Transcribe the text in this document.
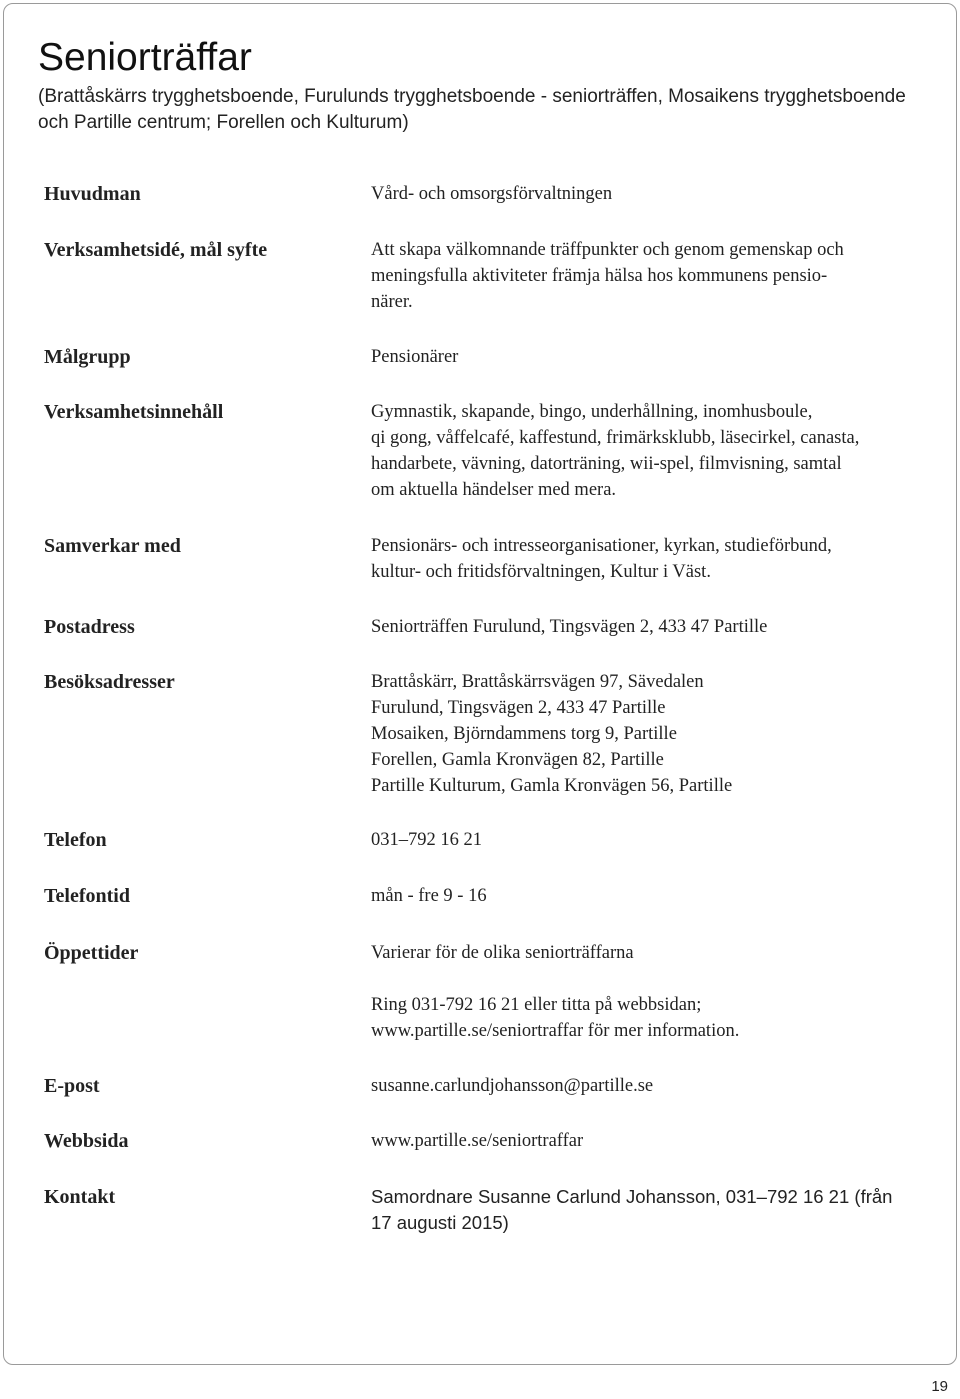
Seniorträffar

(Brattåskärrs trygghetsboende, Furulunds trygghetsboende - seniorträffen, Mosaikens trygghetsboende och Partille centrum; Forellen och Kulturum)

Huvudman	Vård- och omsorgsförvaltningen
Verksamhetsidé, mål syfte	Att skapa välkomnande träffpunkter och genom gemenskap och
meningsfulla aktiviteter främja hälsa hos kommunens pensio-
närer.
Målgrupp	Pensionärer
Verksamhetsinnehåll	Gymnastik, skapande, bingo, underhållning, inomhusboule,
qi gong, våffelcafé, kaffestund, frimärksklubb, läsecirkel, canasta,
handarbete, vävning, datorträning, wii-spel, filmvisning, samtal
om aktuella händelser med mera.
Samverkar med	Pensionärs- och intresseorganisationer, kyrkan, studieförbund,
kultur- och fritidsförvaltningen, Kultur i Väst.
Postadress	Seniorträffen Furulund, Tingsvägen 2, 433 47 Partille
Besöksadresser	Brattåskärr, Brattåskärrsvägen 97, Sävedalen
Furulund, Tingsvägen 2, 433 47 Partille
Mosaiken, Björndammens torg 9, Partille
Forellen, Gamla Kronvägen 82, Partille
Partille Kulturum, Gamla Kronvägen 56, Partille
Telefon	031–792 16 21
Telefontid	mån - fre 9 - 16
Öppettider	Varierar för de olika seniorträffarna
Ring 031-792 16 21 eller titta på webbsidan;
www.partille.se/seniortraffar för mer information.
E-post	susanne.carlundjohansson@partille.se
Webbsida	www.partille.se/seniortraffar
Kontakt	Samordnare Susanne Carlund Johansson, 031–792 16 21 (från
17 augusti 2015)
19
